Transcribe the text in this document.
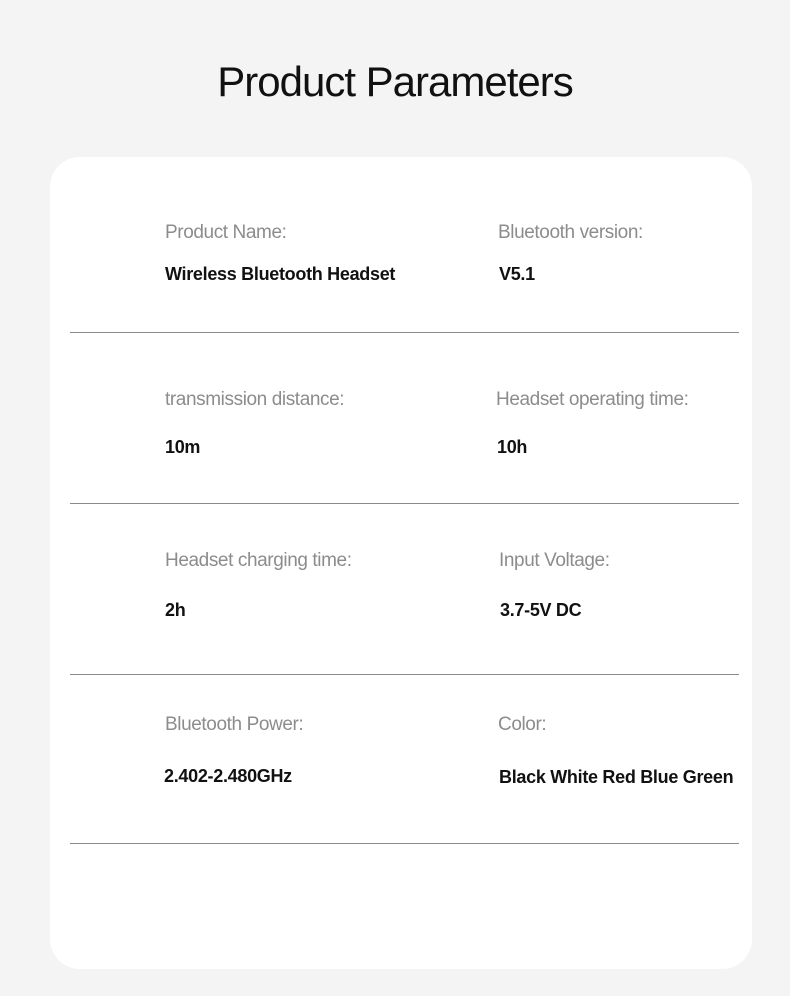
Product Parameters
Product Name:
Wireless Bluetooth Headset
Bluetooth version:
V5.1
transmission distance:
10m
Headset operating time:
10h
Headset charging time:
2h
Input Voltage:
3.7-5V DC
Bluetooth Power:
2.402-2.480GHz
Color:
Black White Red Blue Green
